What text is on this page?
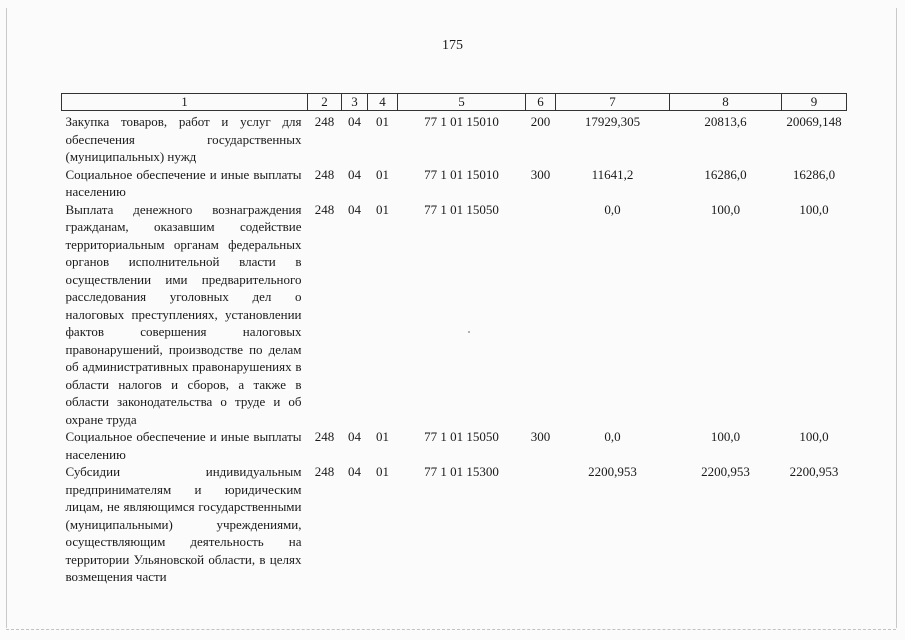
175
1	2	3	4	5	6	7	8	9
Закупка товаров, работ и услуг для обеспечения государственных (муниципальных) нужд	248	04	01	77 1 01 15010	200	17929,305	20813,6	20069,148
Социальное обеспечение и иные выплаты населению	248	04	01	77 1 01 15010	300	11641,2	16286,0	16286,0
Выплата денежного вознаграждения гражданам, оказавшим содействие территориальным органам федеральных органов исполнительной власти в осуществлении ими предварительного расследования уголовных дел о налоговых преступлениях, установлении фактов совершения налоговых правонарушений, производстве по делам об административных правонарушениях в области налогов и сборов, а также в области законодательства о труде и об охране труда	248	04	01	77 1 01 15050		0,0	100,0	100,0
Социальное обеспечение и иные выплаты населению	248	04	01	77 1 01 15050	300	0,0	100,0	100,0
Субсидии индивидуальным предпринимателям и юридическим лицам, не являющимся государственными (муниципальными) учреждениями, осуществляющим деятельность на территории Ульяновской области, в целях возмещения части	248	04	01	77 1 01 15300		2200,953	2200,953	2200,953
